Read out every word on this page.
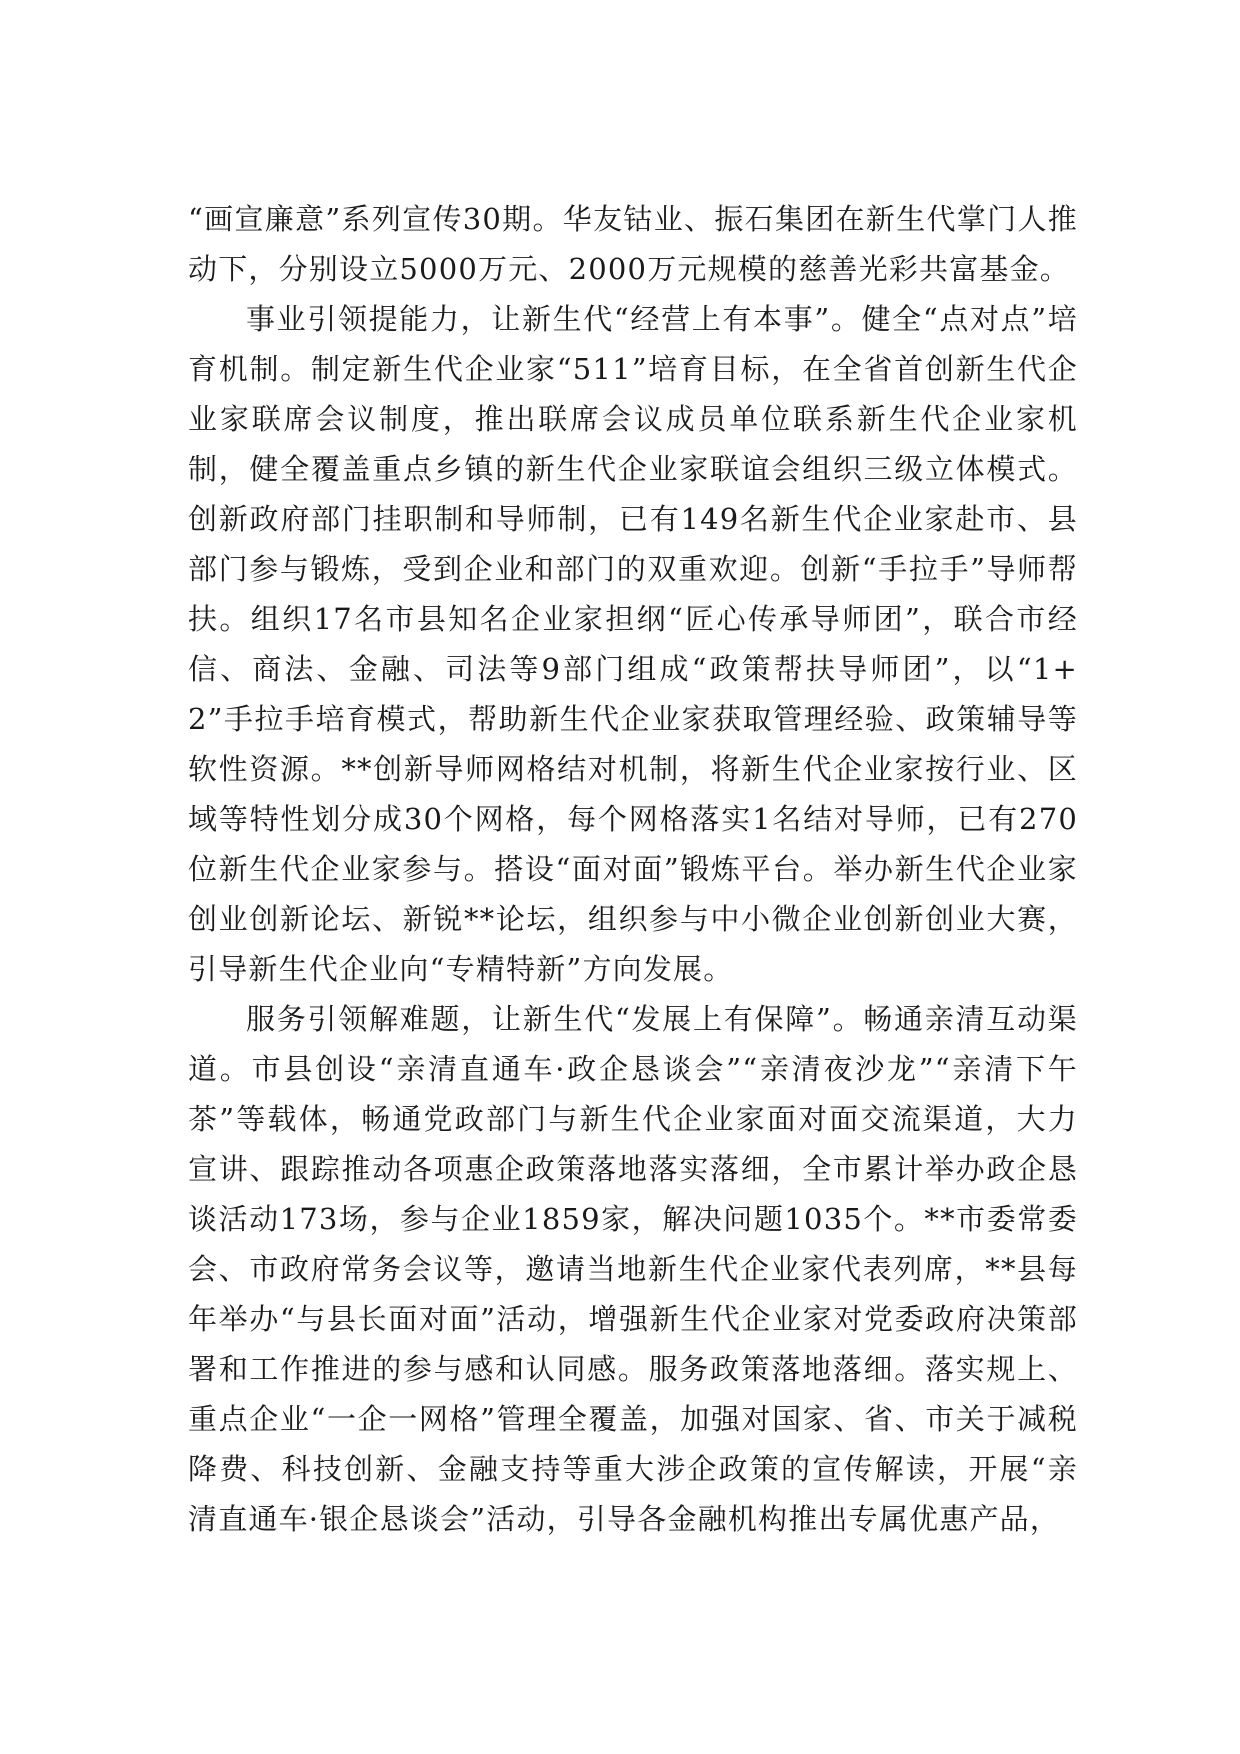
“画宣廉意”系列宣传30期。华友钴业、振石集团在新生代掌门人推动下，分别设立5000万元、2000万元规模的慈善光彩共富基金。

事业引领提能力，让新生代“经营上有本事”。健全“点对点”培育机制。制定新生代企业家“511”培育目标，在全省首创新生代企业家联席会议制度，推出联席会议成员单位联系新生代企业家机制，健全覆盖重点乡镇的新生代企业家联谊会组织三级立体模式。创新政府部门挂职制和导师制，已有149名新生代企业家赴市、县部门参与锻炼，受到企业和部门的双重欢迎。创新“手拉手”导师帮扶。组织17名市县知名企业家担纲“匠心传承导师团”，联合市经信、商法、金融、司法等9部门组成“政策帮扶导师团”，以“1+2”手拉手培育模式，帮助新生代企业家获取管理经验、政策辅导等软性资源。**创新导师网格结对机制，将新生代企业家按行业、区域等特性划分成30个网格，每个网格落实1名结对导师，已有270位新生代企业家参与。搭设“面对面”锻炼平台。举办新生代企业家创业创新论坛、新锐**论坛，组织参与中小微企业创新创业大赛，引导新生代企业向“专精特新”方向发展。

服务引领解难题，让新生代“发展上有保障”。畅通亲清互动渠道。市县创设“亲清直通车·政企恳谈会”“亲清夜沙龙”“亲清下午茶”等载体，畅通党政部门与新生代企业家面对面交流渠道，大力宣讲、跟踪推动各项惠企政策落地落实落细，全市累计举办政企恳谈活动173场，参与企业1859家，解决问题1035个。**市委常委会、市政府常务会议等，邀请当地新生代企业家代表列席，**县每年举办“与县长面对面”活动，增强新生代企业家对党委政府决策部署和工作推进的参与感和认同感。服务政策落地落细。落实规上、重点企业“一企一网格”管理全覆盖，加强对国家、省、市关于减税降费、科技创新、金融支持等重大涉企政策的宣传解读，开展“亲清直通车·银企恳谈会”活动，引导各金融机构推出专属优惠产品，
